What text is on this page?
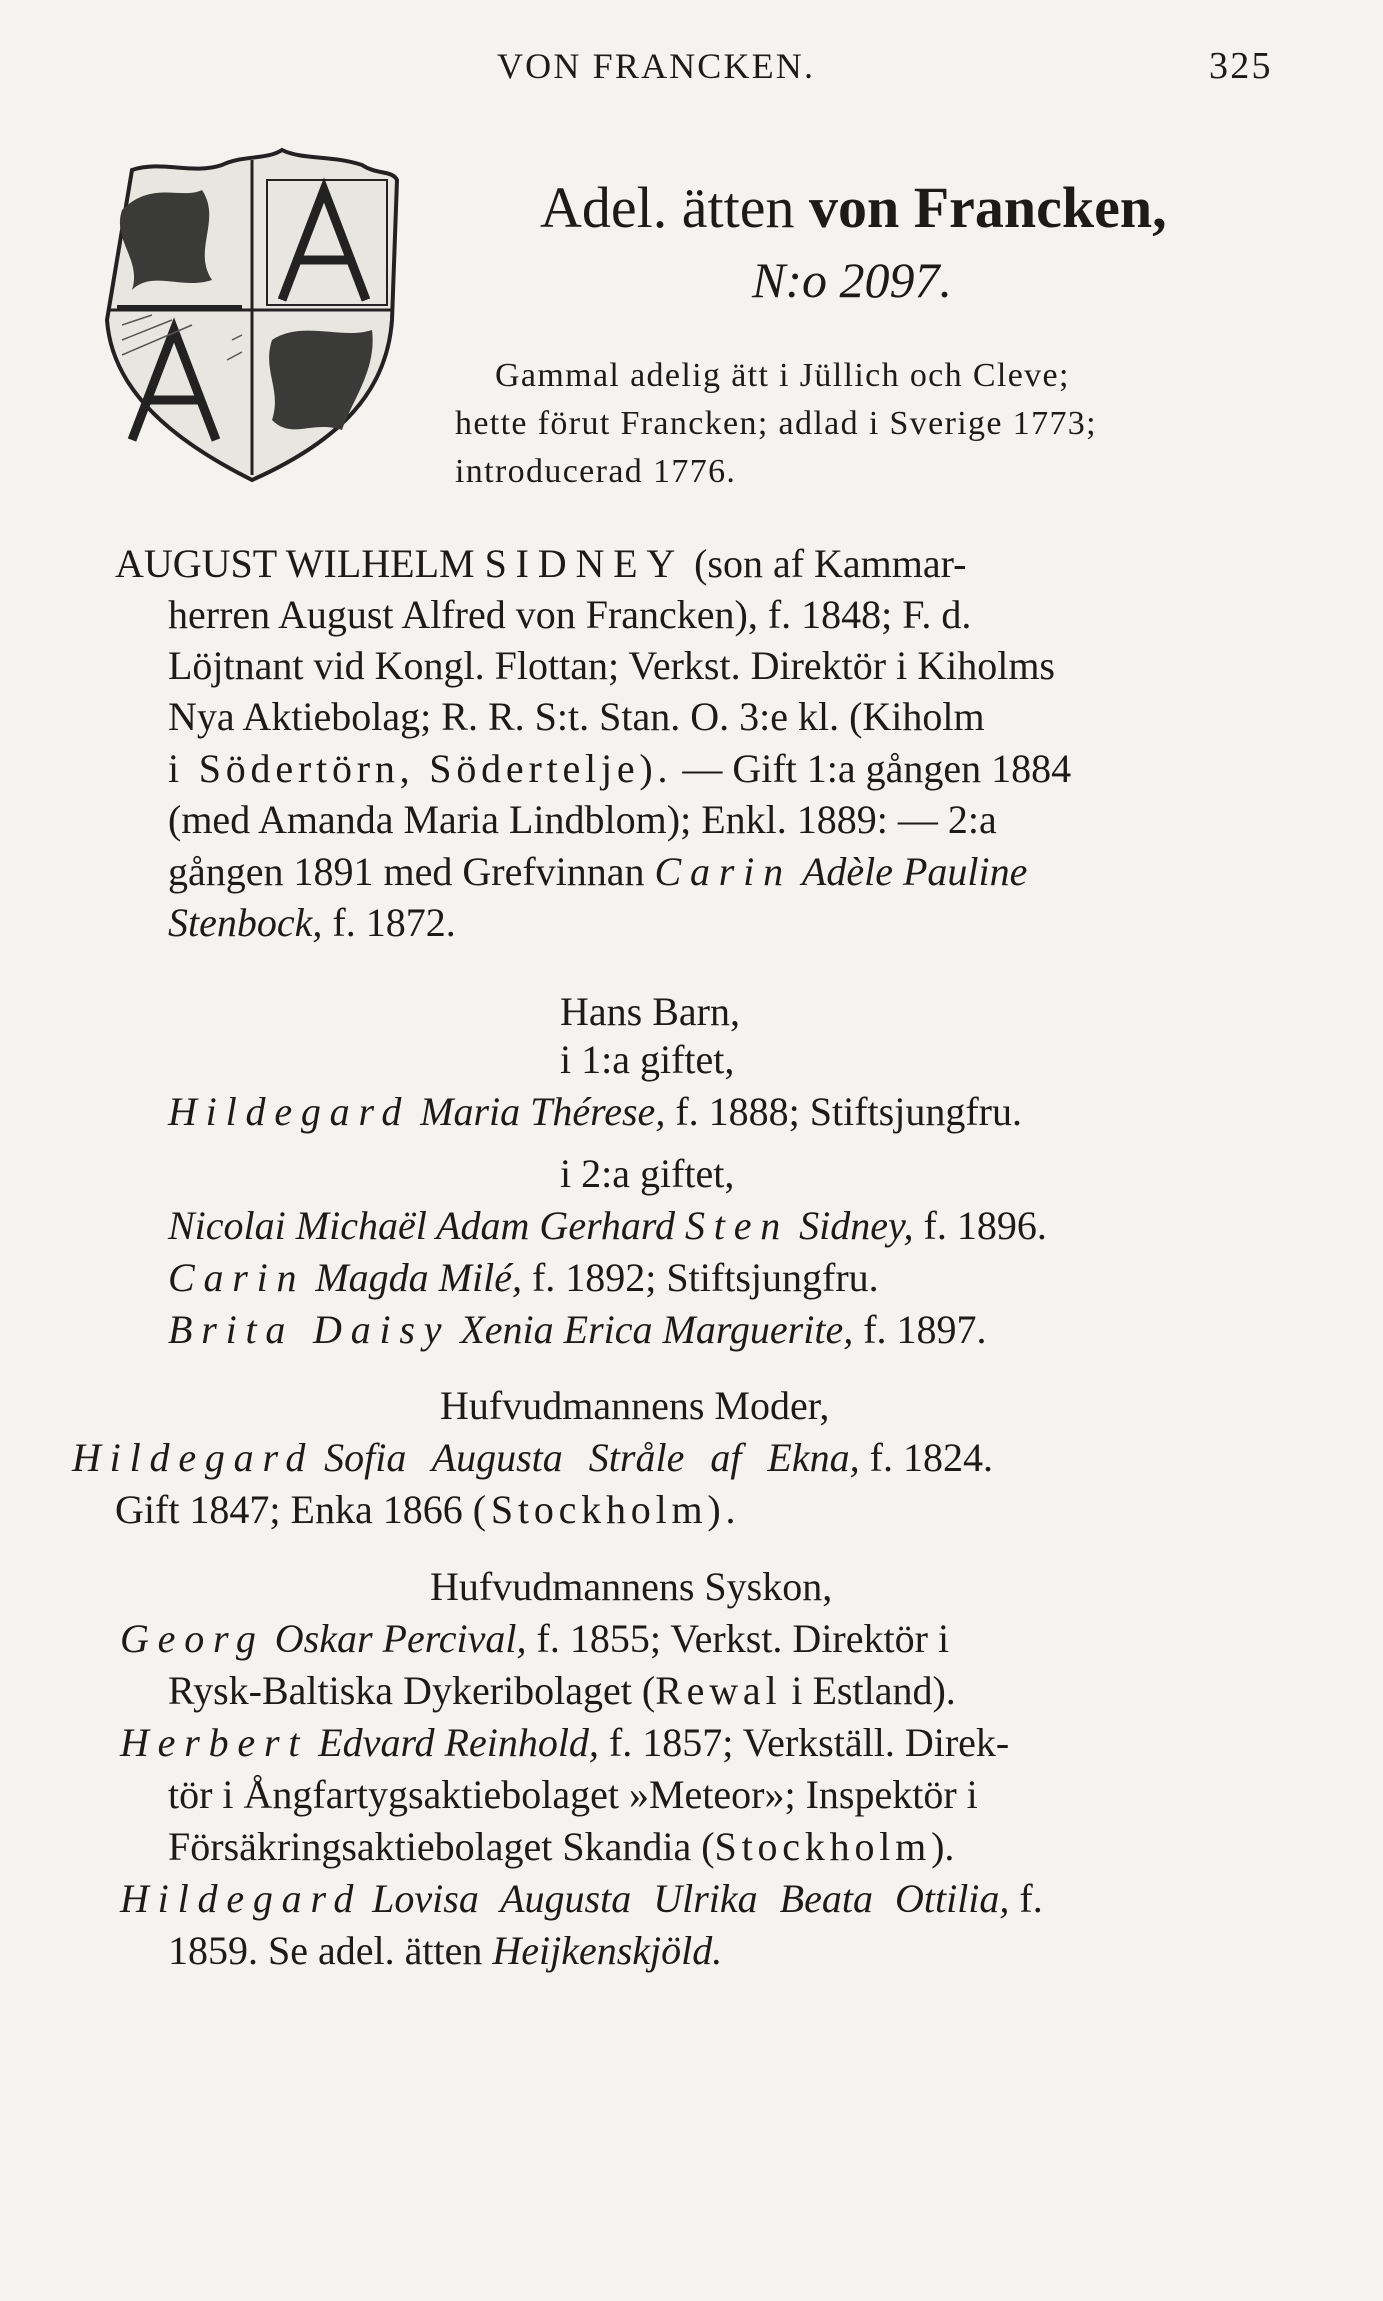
VON FRANCKEN.	325
Adel. ätten von Francken,
N:o 2097.
Gammal adelig ätt i Jüllich och Cleve;
hette förut Francken; adlad i Sverige 1773;
introducerad 1776.
AUGUST WILHELM SIDNEY (son af Kammar-
herren August Alfred von Francken), f. 1848; F. d.
Löjtnant vid Kongl. Flottan; Verkst. Direktör i Kiholms
Nya Aktiebolag; R. R. S:t. Stan. O. 3:e kl. (Kiholm
i Södertörn, Södertelje). — Gift 1:a gången 1884
(med Amanda Maria Lindblom); Enkl. 1889: — 2:a
gången 1891 med Grefvinnan Carin Adèle Pauline
Stenbock, f. 1872.
Hans Barn,
i 1:a giftet,
Hildegard Maria Thérese, f. 1888; Stiftsjungfru.
i 2:a giftet,
Nicolai Michaël Adam Gerhard Sten Sidney, f. 1896.
Carin Magda Milé, f. 1892; Stiftsjungfru.
Brita Daisy Xenia Erica Marguerite, f. 1897.
Hufvudmannens Moder,
Hildegard Sofia Augusta Stråle af Ekna, f. 1824.
Gift 1847; Enka 1866 (Stockholm).
Hufvudmannens Syskon,
Georg Oskar Percival, f. 1855; Verkst. Direktör i
Rysk-Baltiska Dykeribolaget (Rewal i Estland).
Herbert Edvard Reinhold, f. 1857; Verkställ. Direk-
tör i Ångfartygsaktiebolaget »Meteor»; Inspektör i
Försäkringsaktiebolaget Skandia (Stockholm).
Hildegard Lovisa Augusta Ulrika Beata Ottilia, f.
1859. Se adel. ätten Heijkenskjöld.
